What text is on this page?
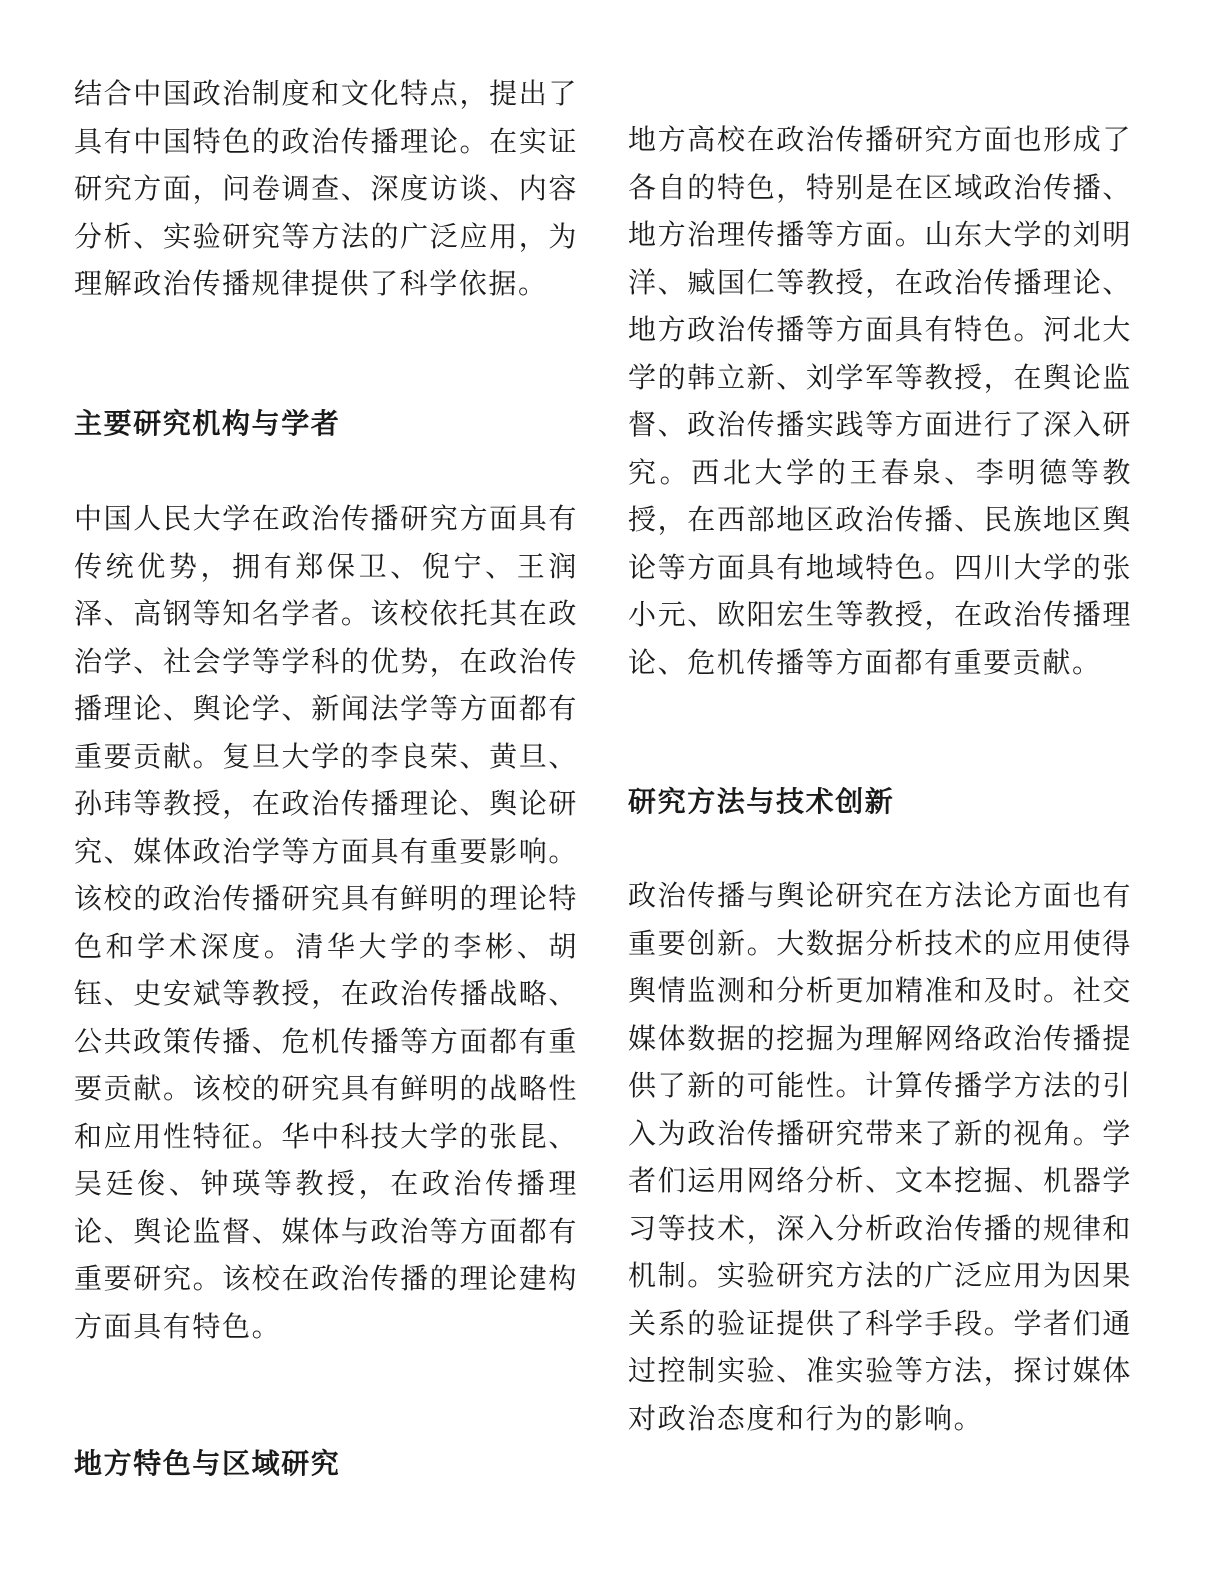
结合中国政治制度和文化特点，提出了具有中国特色的政治传播理论。在实证研究方面，问卷调查、深度访谈、内容分析、实验研究等方法的广泛应用，为理解政治传播规律提供了科学依据。

主要研究机构与学者

中国人民大学在政治传播研究方面具有传统优势，拥有郑保卫、倪宁、王润泽、高钢等知名学者。该校依托其在政治学、社会学等学科的优势，在政治传播理论、舆论学、新闻法学等方面都有重要贡献。复旦大学的李良荣、黄旦、孙玮等教授，在政治传播理论、舆论研究、媒体政治学等方面具有重要影响。该校的政治传播研究具有鲜明的理论特色和学术深度。清华大学的李彬、胡钰、史安斌等教授，在政治传播战略、公共政策传播、危机传播等方面都有重要贡献。该校的研究具有鲜明的战略性和应用性特征。华中科技大学的张昆、吴廷俊、钟瑛等教授，在政治传播理论、舆论监督、媒体与政治等方面都有重要研究。该校在政治传播的理论建构方面具有特色。

地方特色与区域研究

地方高校在政治传播研究方面也形成了各自的特色，特别是在区域政治传播、地方治理传播等方面。山东大学的刘明洋、臧国仁等教授，在政治传播理论、地方政治传播等方面具有特色。河北大学的韩立新、刘学军等教授，在舆论监督、政治传播实践等方面进行了深入研究。西北大学的王春泉、李明德等教授，在西部地区政治传播、民族地区舆论等方面具有地域特色。四川大学的张小元、欧阳宏生等教授，在政治传播理论、危机传播等方面都有重要贡献。

研究方法与技术创新

政治传播与舆论研究在方法论方面也有重要创新。大数据分析技术的应用使得舆情监测和分析更加精准和及时。社交媒体数据的挖掘为理解网络政治传播提供了新的可能性。计算传播学方法的引入为政治传播研究带来了新的视角。学者们运用网络分析、文本挖掘、机器学习等技术，深入分析政治传播的规律和机制。实验研究方法的广泛应用为因果关系的验证提供了科学手段。学者们通过控制实验、准实验等方法，探讨媒体对政治态度和行为的影响。
